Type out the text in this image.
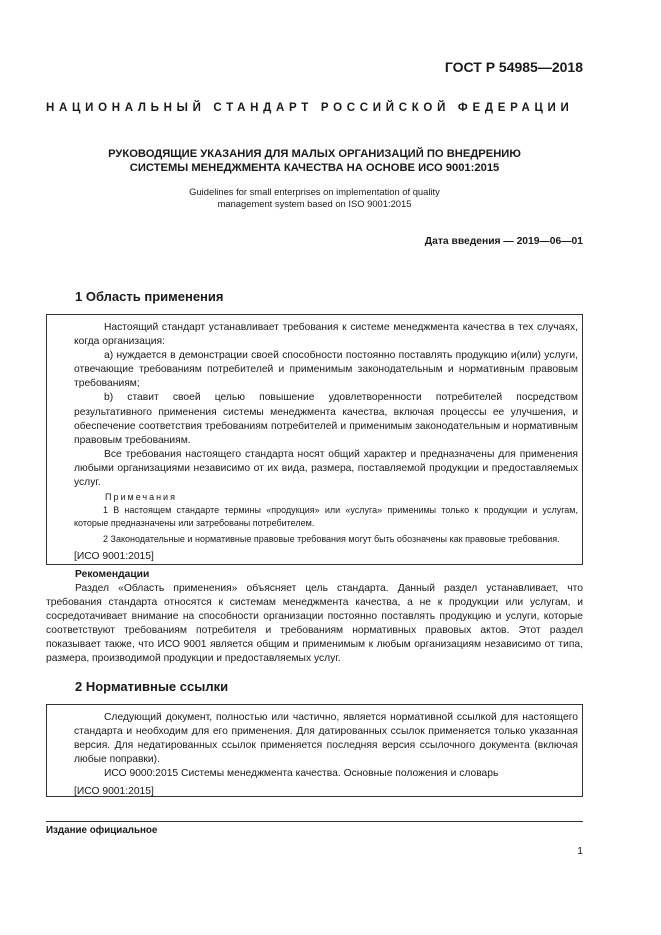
ГОСТ Р 54985—2018
НАЦИОНАЛЬНЫЙ СТАНДАРТ РОССИЙСКОЙ ФЕДЕРАЦИИ
РУКОВОДЯЩИЕ УКАЗАНИЯ ДЛЯ МАЛЫХ ОРГАНИЗАЦИЙ ПО ВНЕДРЕНИЮ
СИСТЕМЫ МЕНЕДЖМЕНТА КАЧЕСТВА НА ОСНОВЕ ИСО 9001:2015
Guidelines for small enterprises on implementation of quality
management system based on ISO 9001:2015
Дата введения — 2019—06—01
1 Область применения

Настоящий стандарт устанавливает требования к системе менеджмента качества в тех случаях, когда организация:

а) нуждается в демонстрации своей способности постоянно поставлять продукцию и(или) услуги, отвечающие требованиям потребителей и применимым законодательным и нормативным правовым требованиям;

b) ставит своей целью повышение удовлетворенности потребителей посредством результативного применения системы менеджмента качества, включая процессы ее улучшения, и обеспечение соответствия требованиям потребителей и применимым законодательным и нормативным правовым требованиям.

Все требования настоящего стандарта носят общий характер и предназначены для применения любыми организациями независимо от их вида, размера, поставляемой продукции и предоставляемых услуг.

Примечания

1 В настоящем стандарте термины «продукция» или «услуга» применимы только к продукции и услугам, которые предназначены или затребованы потребителем.

2 Законодательные и нормативные правовые требования могут быть обозначены как правовые требования.

[ИСО 9001:2015]
Рекомендации

Раздел «Область применения» объясняет цель стандарта. Данный раздел устанавливает, что требования стандарта относятся к системам менеджмента качества, а не к продукции или услугам, и сосредотачивает внимание на способности организации постоянно поставлять продукцию и услуги, которые соответствуют требованиям потребителя и требованиям нормативных правовых актов. Этот раздел показывает также, что ИСО 9001 является общим и применимым к любым организациям независимо от типа, размера, производимой продукции и предоставляемых услуг.

2 Нормативные ссылки

Следующий документ, полностью или частично, является нормативной ссылкой для настоящего стандарта и необходим для его применения. Для датированных ссылок применяется только указанная версия. Для недатированных ссылок применяется последняя версия ссылочного документа (включая любые поправки).

ИСО 9000:2015 Системы менеджмента качества. Основные положения и словарь

[ИСО 9001:2015]
Издание официальное
1
